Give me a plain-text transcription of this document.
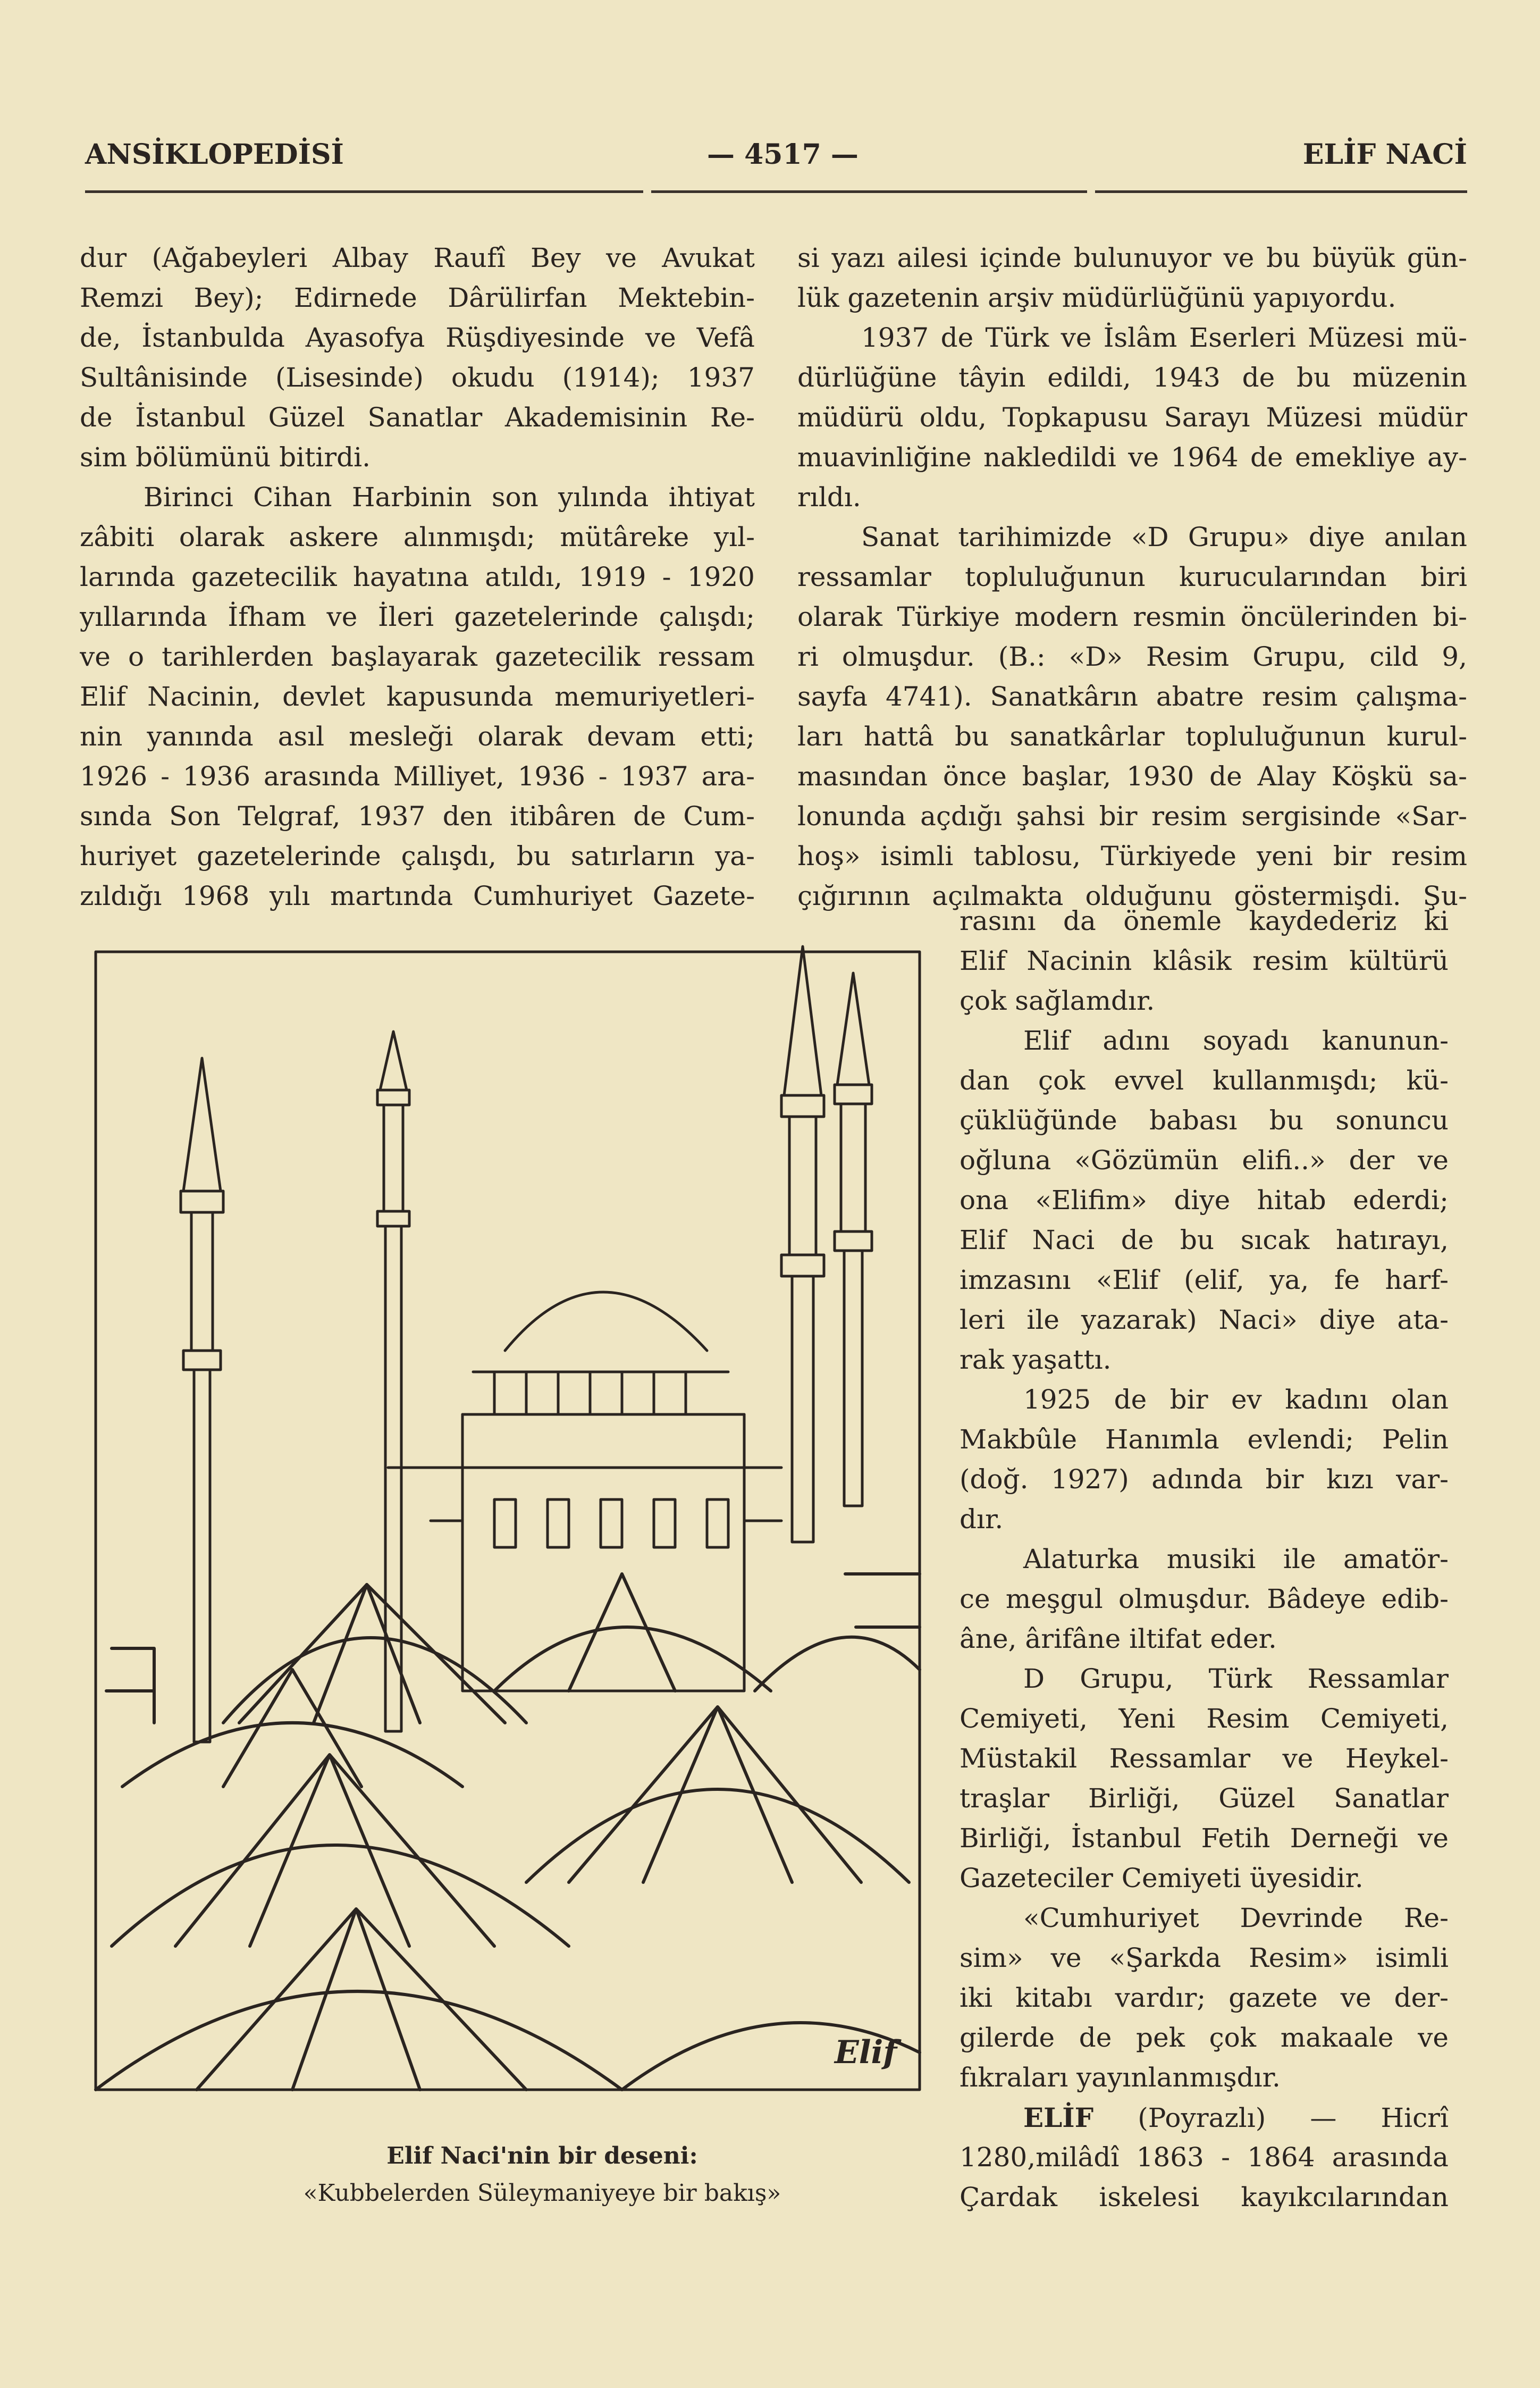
ANSİKLOPEDİSİ	— 4517 —	ELİF NACİ

dur (Ağabeyleri Albay Raufî Bey ve Avukat
Remzi Bey); Edirnede Dârülirfan Mektebin-
de, İstanbulda Ayasofya Rüşdiyesinde ve Vefâ
Sultânisinde (Lisesinde) okudu (1914); 1937
de İstanbul Güzel Sanatlar Akademisinin Re-
sim bölümünü bitirdi.

Birinci Cihan Harbinin son yılında ihtiyat
zâbiti olarak askere alınmışdı; mütâreke yıl-
larında gazetecilik hayatına atıldı, 1919 - 1920
yıllarında İfham ve İleri gazetelerinde çalışdı;
ve o tarihlerden başlayarak gazetecilik ressam
Elif Nacinin, devlet kapusunda memuriyetleri-
nin yanında asıl mesleği olarak devam etti;
1926 - 1936 arasında Milliyet, 1936 - 1937 ara-
sında Son Telgraf, 1937 den itibâren de Cum-
huriyet gazetelerinde çalışdı, bu satırların ya-
zıldığı 1968 yılı martında Cumhuriyet Gazete-

si yazı ailesi içinde bulunuyor ve bu büyük gün-
lük gazetenin arşiv müdürlüğünü yapıyordu.

1937 de Türk ve İslâm Eserleri Müzesi mü-
dürlüğüne tâyin edildi, 1943 de bu müzenin
müdürü oldu, Topkapusu Sarayı Müzesi müdür
muavinliğine nakledildi ve 1964 de emekliye ay-
rıldı.

Sanat tarihimizde «D Grupu» diye anılan
ressamlar topluluğunun kurucularından biri
olarak Türkiye modern resmin öncülerinden bi-
ri olmuşdur. (B.: «D» Resim Grupu, cild 9,
sayfa 4741). Sanatkârın abatre resim çalışma-
ları hattâ bu sanatkârlar topluluğunun kurul-
masından önce başlar, 1930 de Alay Köşkü sa-
lonunda açdığı şahsi bir resim sergisinde «Sar-
hoş» isimli tablosu, Türkiyede yeni bir resim
çığırının açılmakta olduğunu göstermişdi. Şu-

rasını da önemle kaydederiz ki
Elif Nacinin klâsik resim kültürü
çok sağlamdır.

Elif adını soyadı kanunun-
dan çok evvel kullanmışdı; kü-
çüklüğünde babası bu sonuncu
oğluna «Gözümün elifi..» der ve
ona «Elifim» diye hitab ederdi;
Elif Naci de bu sıcak hatırayı,
imzasını «Elif (elif, ya, fe harf-
leri ile yazarak) Naci» diye ata-
rak yaşattı.

1925 de bir ev kadını olan
Makbûle Hanımla evlendi; Pelin
(doğ. 1927) adında bir kızı var-
dır.

Alaturka musiki ile amatör-
ce meşgul olmuşdur. Bâdeye edib-
âne, ârifâne iltifat eder.

D Grupu, Türk Ressamlar
Cemiyeti, Yeni Resim Cemiyeti,
Müstakil Ressamlar ve Heykel-
traşlar Birliği, Güzel Sanatlar
Birliği, İstanbul Fetih Derneği ve
Gazeteciler Cemiyeti üyesidir.

«Cumhuriyet Devrinde Re-
sim» ve «Şarkda Resim» isimli
iki kitabı vardır; gazete ve der-
gilerde de pek çok makaale ve
fıkraları yayınlanmışdır.

ELİF (Poyrazlı) — Hicrî
1280,milâdî 1863 - 1864 arasında
Çardak iskelesi kayıkcılarından

Elif
Elif Naci'nin bir deseni:
«Kubbelerden Süleymaniyeye bir bakış»
